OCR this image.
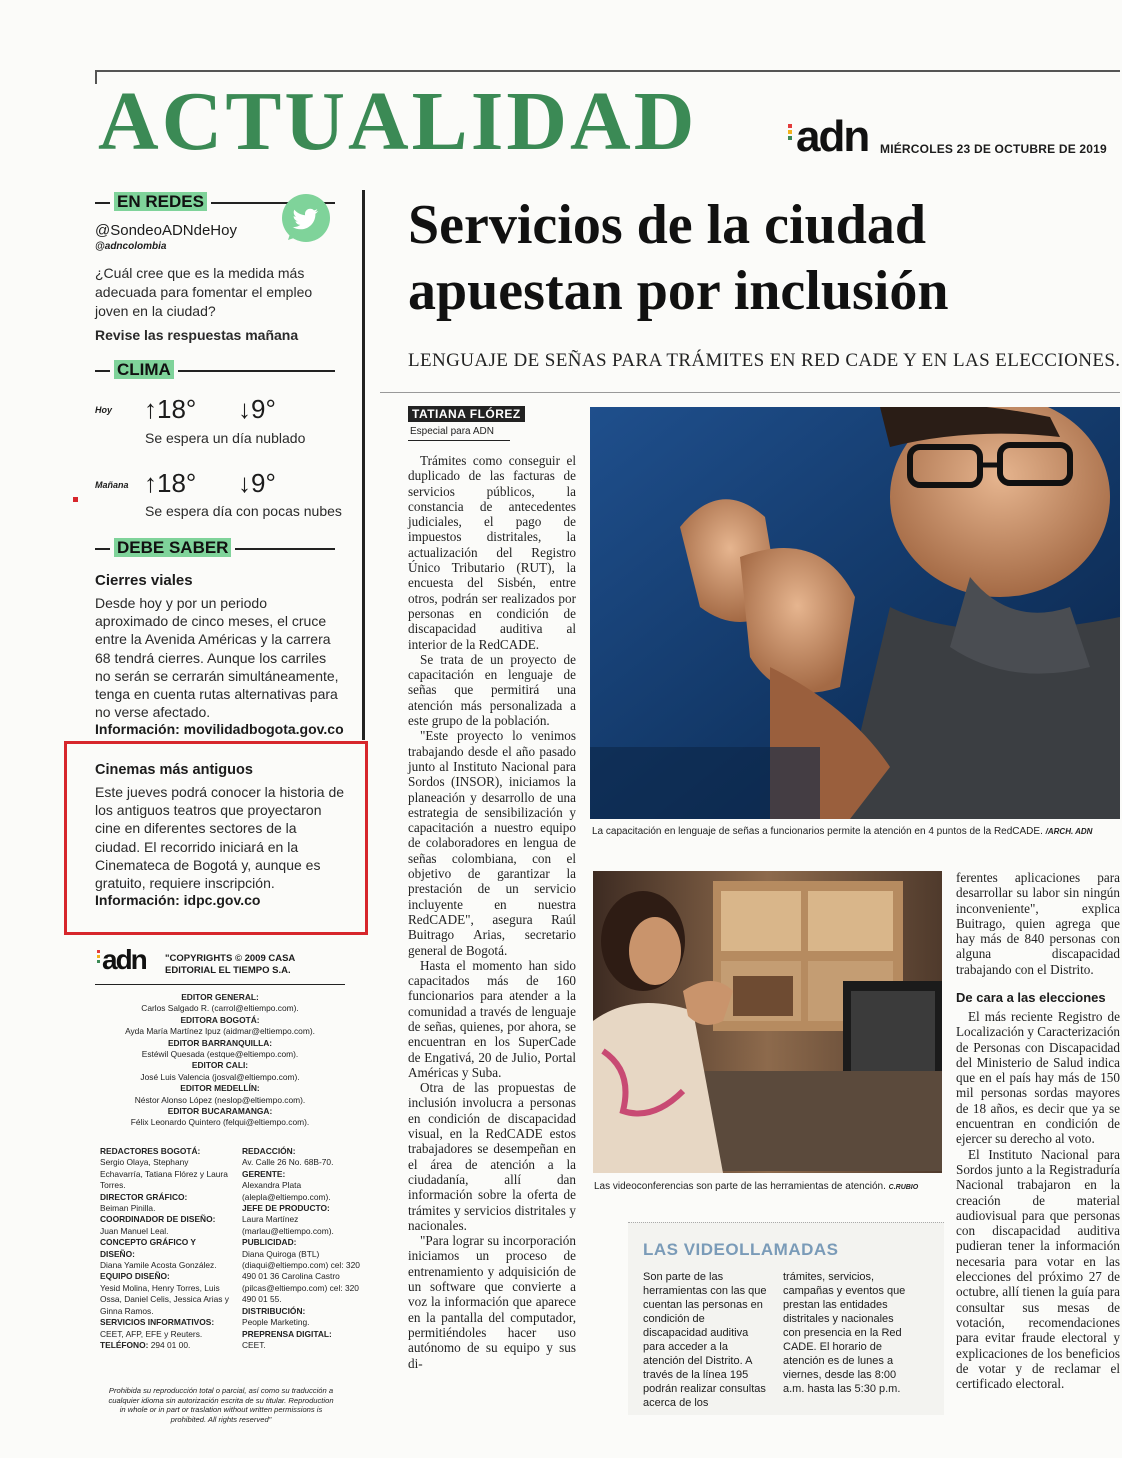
ACTUALIDAD adn MIÉRCOLES 23 DE OCTUBRE DE 2019
EN REDES
@SondeoADNdeHoy
@adncolombia
¿Cuál cree que es la medida más adecuada para fomentar el empleo joven en la ciudad?
Revise las respuestas mañana
CLIMA
Hoy ↑18° ↓9°
Se espera un día nublado
Mañana ↑18° ↓9°
Se espera día con pocas nubes
DEBE SABER
Cierres viales
Desde hoy y por un periodo aproximado de cinco meses, el cruce entre la Avenida Américas y la carrera 68 tendrá cierres. Aunque los carriles no serán se cerrarán simultáneamente, tenga en cuenta rutas alternativas para no verse afectado.
Información: movilidadbogota.gov.co
Cinemas más antiguos
Este jueves podrá conocer la historia de los antiguos teatros que proyectaron cine en diferentes sectores de la ciudad. El recorrido iniciará en la Cinemateca de Bogotá y, aunque es gratuito, requiere inscripción.
Información: idpc.gov.co
adn "COPYRIGHTS © 2009 CASA
EDITORIAL EL TIEMPO S.A.
EDITOR GENERAL:
Carlos Salgado R. (carrol@eltiempo.com).
EDITORA BOGOTÁ:
Ayda María Martínez Ipuz (aidmar@eltiempo.com).
EDITOR BARRANQUILLA:
Estéwil Quesada (estque@eltiempo.com).
EDITOR CALI:
José Luis Valencia (josval@eltiempo.com).
EDITOR MEDELLÍN:
Néstor Alonso López (neslop@eltiempo.com).
EDITOR BUCARAMANGA:
Félix Leonardo Quintero (felqui@eltiempo.com).
REDACTORES BOGOTÁ:
Sergio Olaya, Stephany Echavarría, Tatiana Flórez y Laura Torres.
DIRECTOR GRÁFICO:
Beiman Pinilla.
COORDINADOR DE DISEÑO:
Juan Manuel Leal.
CONCEPTO GRÁFICO Y DISEÑO:
Diana Yamile Acosta González.
EQUIPO DISEÑO:
Yesid Molina, Henry Torres, Luis Ossa, Daniel Celis, Jessica Arias y Ginna Ramos.
SERVICIOS INFORMATIVOS:
CEET, AFP, EFE y Reuters.
TELÉFONO: 294 01 00.
REDACCIÓN:
Av. Calle 26 No. 68B-70.
GERENTE:
Alexandra Plata (alepla@eltiempo.com).
JEFE DE PRODUCTO:
Laura Martínez (marlau@eltiempo.com).
PUBLICIDAD:
Diana Quiroga (BTL) (diaqui@eltiempo.com) cel: 320 490 01 36 Carolina Castro (pilcas@eltiempo.com) cel: 320 490 01 55.
DISTRIBUCIÓN:
People Marketing.
PREPRENSA DIGITAL:
CEET.
Prohibida su reproducción total o parcial, así como su traducción a cualquier idioma sin autorización escrita de su titular. Reproduction in whole or in part or traslation without written permissions is prohibited. All rights reserved"
Servicios de la ciudad
apuestan por inclusión
LENGUAJE DE SEÑAS PARA TRÁMITES EN RED CADE Y EN LAS ELECCIONES.
TATIANA FLÓREZ
Especial para ADN

Trámites como conseguir el duplicado de las facturas de servicios públicos, la constancia de antecedentes judiciales, el pago de impuestos distritales, la actualización del Registro Único Tributario (RUT), la encuesta del Sisbén, entre otros, podrán ser realizados por personas en condición de discapacidad auditiva al interior de la RedCADE.

Se trata de un proyecto de capacitación en lenguaje de señas que permitirá una atención más personalizada a este grupo de la población.

"Este proyecto lo venimos trabajando desde el año pasado junto al Instituto Nacional para Sordos (INSOR), iniciamos la planeación y desarrollo de una estrategia de sensibilización y capacitación a nuestro equipo de colaboradores en lengua de señas colombiana, con el objetivo de garantizar la prestación de un servicio incluyente en nuestra RedCADE", asegura Raúl Buitrago Arias, secretario general de Bogotá.

Hasta el momento han sido capacitados más de 160 funcionarios para atender a la comunidad a través de lenguaje de señas, quienes, por ahora, se encuentran en los SuperCade de Engativá, 20 de Julio, Portal Américas y Suba.

Otra de las propuestas de inclusión involucra a personas en condición de discapacidad visual, en la RedCADE estos trabajadores se desempeñan en el área de atención a la ciudadanía, allí dan información sobre la oferta de trámites y servicios distritales y nacionales.

"Para lograr su incorporación iniciamos un proceso de entrenamiento y adquisición de un software que convierte a voz la información que aparece en la pantalla del computador, permitiéndoles hacer uso autónomo de su equipo y sus di-

La capacitación en lenguaje de señas a funcionarios permite la atención en 4 puntos de la RedCADE. /ARCH. ADN
Las videoconferencias son parte de las herramientas de atención. C.RUBIO

ferentes aplicaciones para desarrollar su labor sin ningún inconveniente", explica Buitrago, quien agrega que hay más de 840 personas con alguna discapacidad trabajando con el Distrito.

De cara a las elecciones

El más reciente Registro de Localización y Caracterización de Personas con Discapacidad del Ministerio de Salud indica que en el país hay más de 150 mil personas sordas mayores de 18 años, es decir que ya se encuentran en condición de ejercer su derecho al voto.

El Instituto Nacional para Sordos junto a la Registraduría Nacional trabajaron en la creación de material audiovisual para que personas con discapacidad auditiva pudieran tener la información necesaria para votar en las elecciones del próximo 27 de octubre, allí tienen la guía para consultar sus mesas de votación, recomendaciones para evitar fraude electoral y explicaciones de los beneficios de votar y de reclamar el certificado electoral.

LAS VIDEOLLAMADAS
Son parte de las herramientas con las que cuentan las personas en condición de discapacidad auditiva para acceder a la atención del Distrito. A través de la línea 195 podrán realizar consultas acerca de los
trámites, servicios, campañas y eventos que prestan las entidades distritales y nacionales con presencia en la Red CADE. El horario de atención es de lunes a viernes, desde las 8:00 a.m. hasta las 5:30 p.m.
